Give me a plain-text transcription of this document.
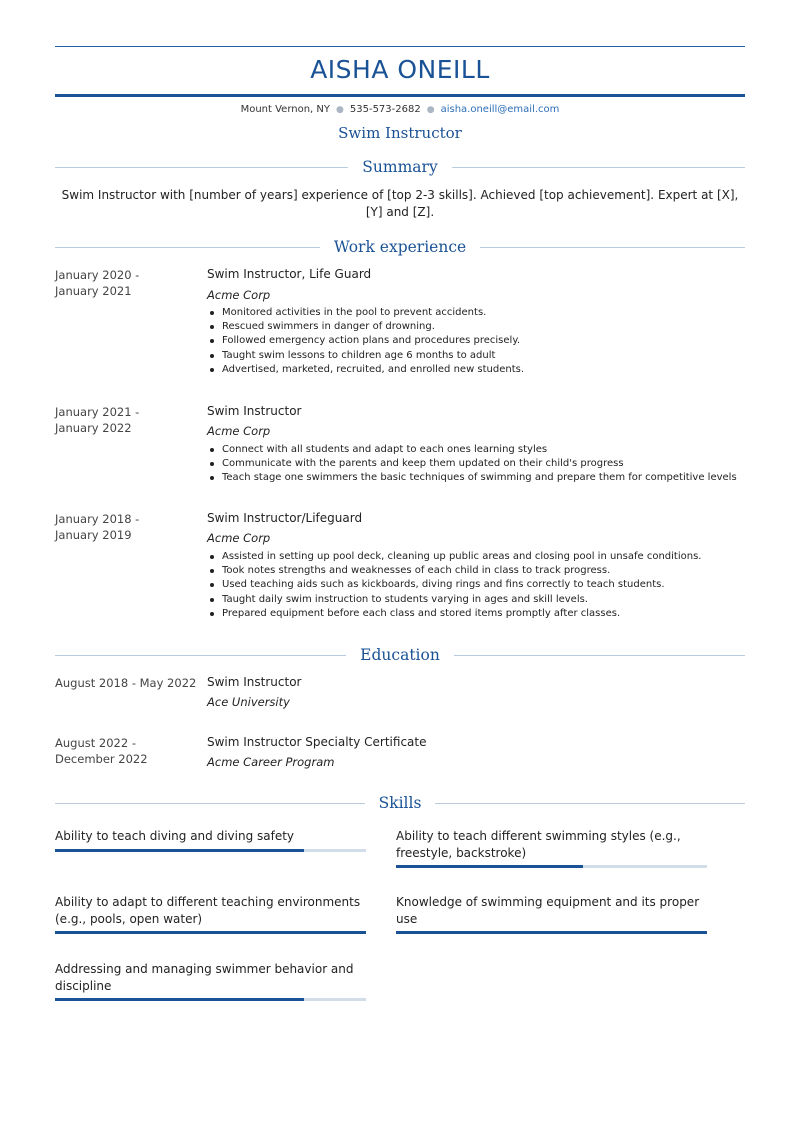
AISHA ONEILL
Mount Vernon, NY ● 535-573-2682 ● aisha.oneill@email.com
Swim Instructor
Summary
Swim Instructor with [number of years] experience of [top 2-3 skills]. Achieved [top achievement]. Expert at [X], [Y] and [Z].
Work experience
January 2020 -
January 2021
Swim Instructor, Life Guard
Acme Corp
Monitored activities in the pool to prevent accidents.
Rescued swimmers in danger of drowning.
Followed emergency action plans and procedures precisely.
Taught swim lessons to children age 6 months to adult
Advertised, marketed, recruited, and enrolled new students.
January 2021 -
January 2022
Swim Instructor
Acme Corp
Connect with all students and adapt to each ones learning styles
Communicate with the parents and keep them updated on their child's progress
Teach stage one swimmers the basic techniques of swimming and prepare them for competitive levels
January 2018 -
January 2019
Swim Instructor/Lifeguard
Acme Corp
Assisted in setting up pool deck, cleaning up public areas and closing pool in unsafe conditions.
Took notes strengths and weaknesses of each child in class to track progress.
Used teaching aids such as kickboards, diving rings and fins correctly to teach students.
Taught daily swim instruction to students varying in ages and skill levels.
Prepared equipment before each class and stored items promptly after classes.
Education
August 2018 - May 2022 Swim Instructor
Ace University
August 2022 -
December 2022
Swim Instructor Specialty Certificate
Acme Career Program
Skills
Ability to teach diving and diving safety	Ability to teach different swimming styles (e.g., freestyle, backstroke)
Ability to adapt to different teaching environments (e.g., pools, open water)
Knowledge of swimming equipment and its proper use
Addressing and managing swimmer behavior and discipline
